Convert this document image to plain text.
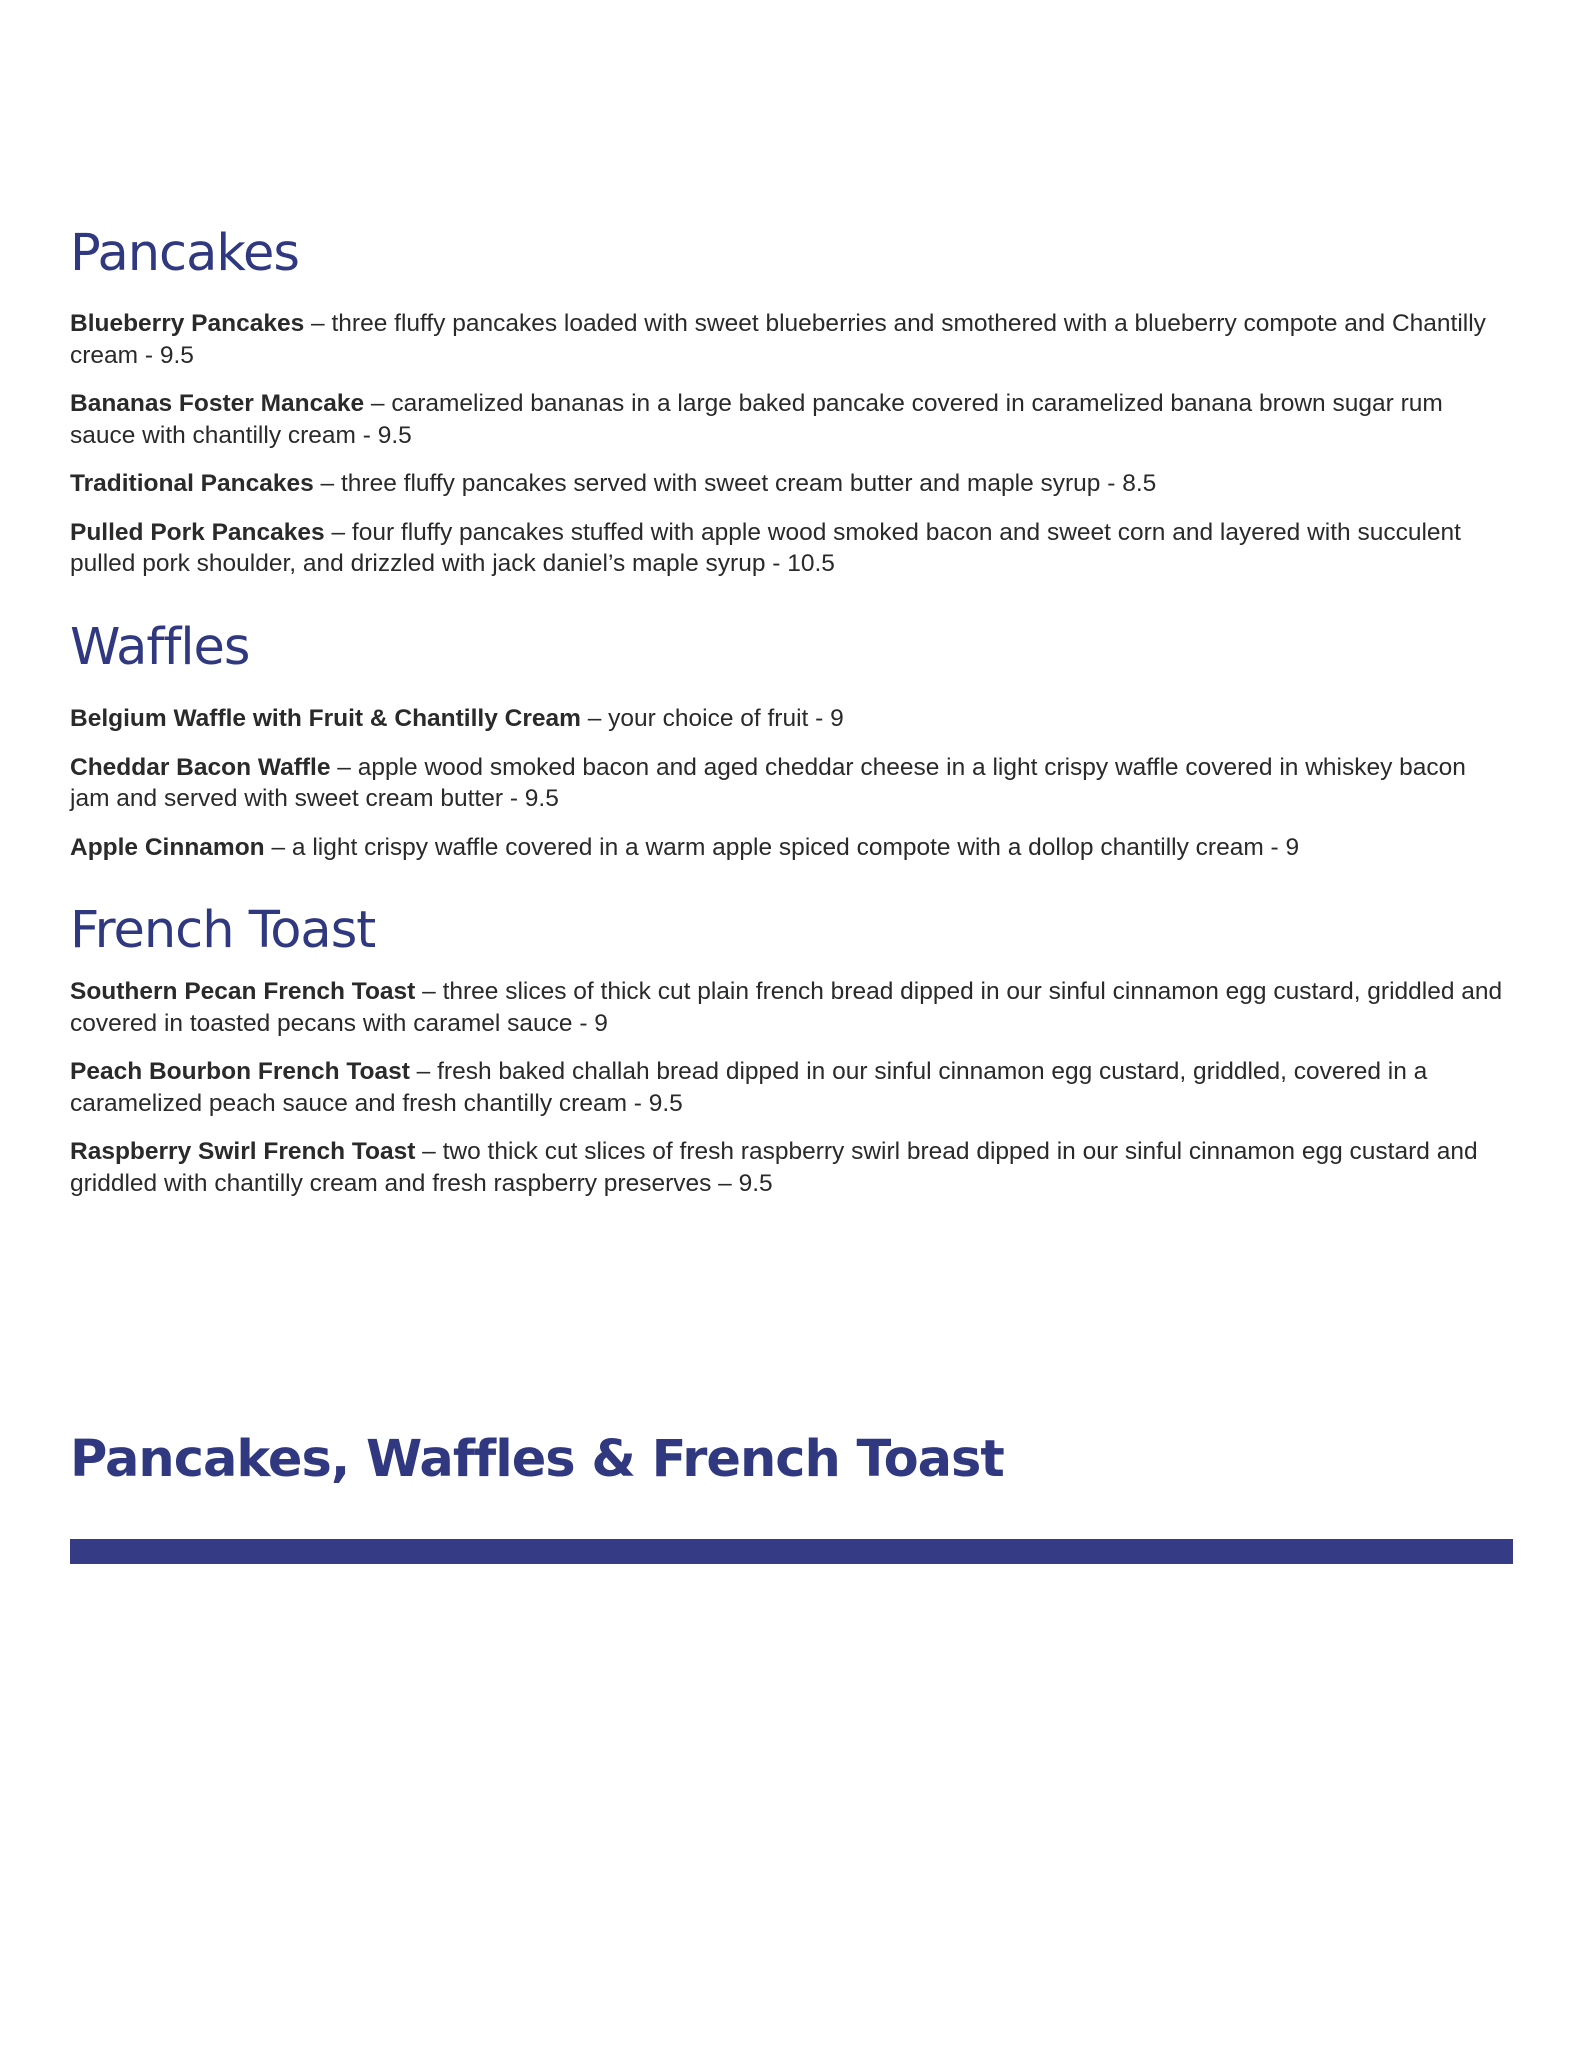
Pancakes
Blueberry Pancakes – three fluffy pancakes loaded with sweet blueberries and smothered with a blueberry compote and Chantilly cream - 9.5
Bananas Foster Mancake – caramelized bananas in a large baked pancake covered in caramelized banana brown sugar rum sauce with chantilly cream - 9.5
Traditional Pancakes – three fluffy pancakes served with sweet cream butter and maple syrup - 8.5
Pulled Pork Pancakes – four fluffy pancakes stuffed with apple wood smoked bacon and sweet corn and layered with succulent pulled pork shoulder, and drizzled with jack daniel’s maple syrup - 10.5
Waffles
Belgium Waffle with Fruit & Chantilly Cream – your choice of fruit - 9
Cheddar Bacon Waffle – apple wood smoked bacon and aged cheddar cheese in a light crispy waffle covered in whiskey bacon jam and served with sweet cream butter - 9.5
Apple Cinnamon – a light crispy waffle covered in a warm apple spiced compote with a dollop chantilly cream - 9
French Toast
Southern Pecan French Toast – three slices of thick cut plain french bread dipped in our sinful cinnamon egg custard, griddled and covered in toasted pecans with caramel sauce - 9
Peach Bourbon French Toast – fresh baked challah bread dipped in our sinful cinnamon egg custard, griddled, covered in a caramelized peach sauce and fresh chantilly cream - 9.5
Raspberry Swirl French Toast – two thick cut slices of fresh raspberry swirl bread dipped in our sinful cinnamon egg custard and griddled with chantilly cream and fresh raspberry preserves – 9.5
Pancakes, Waffles & French Toast
